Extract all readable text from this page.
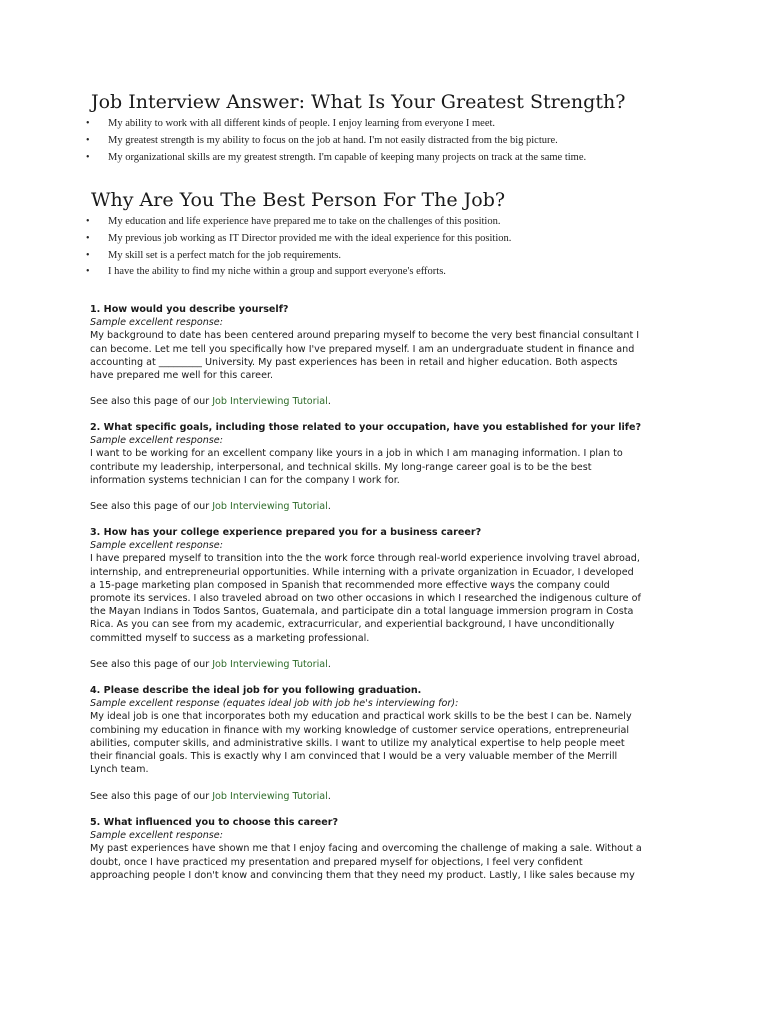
Job Interview Answer: What Is Your Greatest Strength?
• My ability to work with all different kinds of people. I enjoy learning from everyone I meet.
• My greatest strength is my ability to focus on the job at hand. I'm not easily distracted from the big picture.
• My organizational skills are my greatest strength. I'm capable of keeping many projects on track at the same time.
Why Are You The Best Person For The Job?
• My education and life experience have prepared me to take on the challenges of this position.
• My previous job working as IT Director provided me with the ideal experience for this position.
• My skill set is a perfect match for the job requirements.
• I have the ability to find my niche within a group and support everyone's efforts.

1. How would you describe yourself?

Sample excellent response:

My background to date has been centered around preparing myself to become the very best financial consultant I
can become. Let me tell you specifically how I've prepared myself. I am an undergraduate student in finance and
accounting at _________ University. My past experiences has been in retail and higher education. Both aspects
have prepared me well for this career.

See also this page of our Job Interviewing Tutorial.

2. What specific goals, including those related to your occupation, have you established for your life?

Sample excellent response:

I want to be working for an excellent company like yours in a job in which I am managing information. I plan to
contribute my leadership, interpersonal, and technical skills. My long-range career goal is to be the best
information systems technician I can for the company I work for.

See also this page of our Job Interviewing Tutorial.

3. How has your college experience prepared you for a business career?

Sample excellent response:

I have prepared myself to transition into the the work force through real-world experience involving travel abroad,
internship, and entrepreneurial opportunities. While interning with a private organization in Ecuador, I developed
a 15-page marketing plan composed in Spanish that recommended more effective ways the company could
promote its services. I also traveled abroad on two other occasions in which I researched the indigenous culture of
the Mayan Indians in Todos Santos, Guatemala, and participate din a total language immersion program in Costa
Rica. As you can see from my academic, extracurricular, and experiential background, I have unconditionally
committed myself to success as a marketing professional.

See also this page of our Job Interviewing Tutorial.

4. Please describe the ideal job for you following graduation.

Sample excellent response (equates ideal job with job he's interviewing for):

My ideal job is one that incorporates both my education and practical work skills to be the best I can be. Namely
combining my education in finance with my working knowledge of customer service operations, entrepreneurial
abilities, computer skills, and administrative skills. I want to utilize my analytical expertise to help people meet
their financial goals. This is exactly why I am convinced that I would be a very valuable member of the Merrill
Lynch team.

See also this page of our Job Interviewing Tutorial.

5. What influenced you to choose this career?

Sample excellent response:

My past experiences have shown me that I enjoy facing and overcoming the challenge of making a sale. Without a
doubt, once I have practiced my presentation and prepared myself for objections, I feel very confident
approaching people I don't know and convincing them that they need my product. Lastly, I like sales because my
